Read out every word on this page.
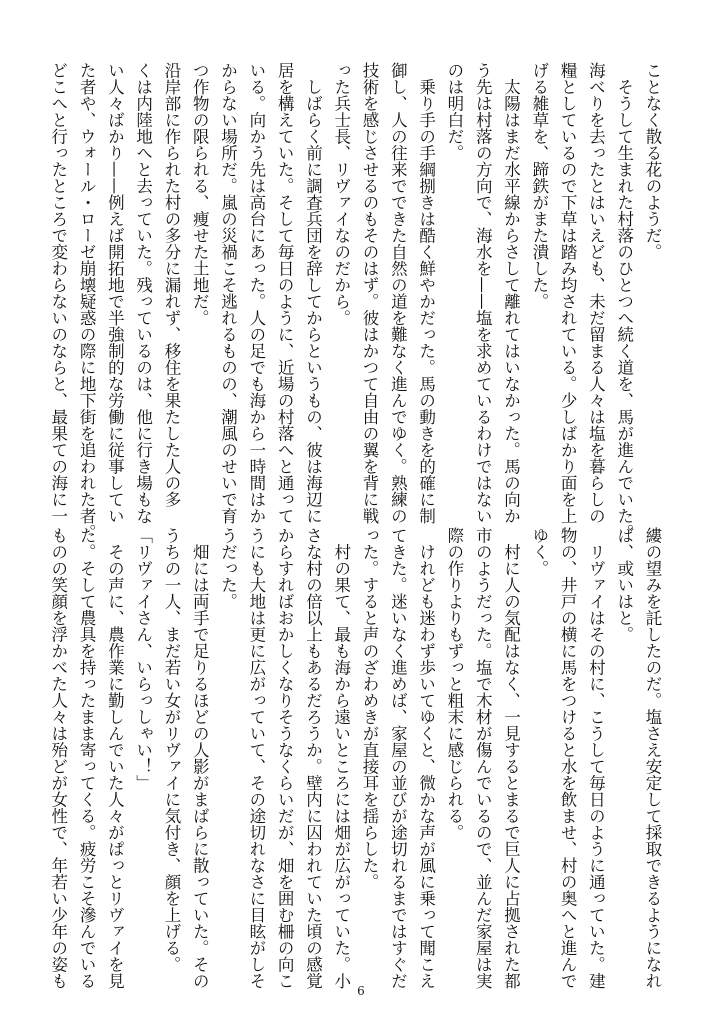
ことなく散る花のようだ。

　そうして生まれた村落のひとつへ続く道を、馬が進んでいた。

海べりを去ったとはいえども、未だ留まる人々は塩を暮らしの

糧としているので下草は踏み均されている。少しばかり面を上

げる雑草を、蹄鉄がまた潰した。

　太陽はまだ水平線からさして離れてはいなかった。馬の向か

う先は村落の方向で、海水を——塩を求めているわけではない

のは明白だ。

　乗り手の手綱捌きは酷く鮮やかだった。馬の動きを的確に制

御し、人の往来でできた自然の道を難なく進んでゆく。熟練の

技術を感じさせるのもそのはず。彼はかつて自由の翼を背に戦

った兵士長、リヴァイなのだから。

　しばらく前に調査兵団を辞してからというもの、彼は海辺に

居を構えていた。そして毎日のように、近場の村落へと通って

いる。向かう先は高台にあった。人の足でも海から一時間はか

からない場所だ。嵐の災禍こそ逃れるものの、潮風のせいで育

つ作物の限られる、痩せた土地だ。

沿岸部に作られた村の多分に漏れず、移住を果たした人の多

くは内陸地へと去っていた。残っているのは、他に行き場もな

い人々ばかり——例えば開拓地で半強制的な労働に従事してい

た者や、ウォール・ローゼ崩壊疑惑の際に地下街を追われた者。

どこへと行ったところで変わらないのならと、最果ての海に一

縷の望みを託したのだ。塩さえ安定して採取できるようになれ

ば、或いはと。

　リヴァイはその村に、こうして毎日のように通っていた。建

物の、井戸の横に馬をつけると水を飲ませ、村の奥へと進んで

ゆく。

　村に人の気配はなく、一見するとまるで巨人に占拠された都

市のようだった。塩で木材が傷んでいるので、並んだ家屋は実

際の作りよりもずっと粗末に感じられる。

　けれども迷わず歩いてゆくと、微かな声が風に乗って聞こえ

てきた。迷いなく進めば、家屋の並びが途切れるまではすぐだ

った。すると声のざわめきが直接耳を揺らした。

　村の果て、最も海から遠いところには畑が広がっていた。小

さな村の倍以上もあるだろうか。壁内に囚われていた頃の感覚

からすればおかしくなりそうなくらいだが、畑を囲む柵の向こ

うにも大地は更に広がっていて、その途切れなさに目眩がしそ

うだった。

　畑には両手で足りるほどの人影がまばらに散っていた。その

うちの一人、まだ若い女がリヴァイに気付き、顔を上げる。

「リヴァイさん、いらっしゃい！」

　その声に、農作業に勤しんでいた人々がぱっとリヴァイを見

た。そして農具を持ったまま寄ってくる。疲労こそ滲んでいる

ものの笑顔を浮かべた人々は殆どが女性で、年若い少年の姿も

6
